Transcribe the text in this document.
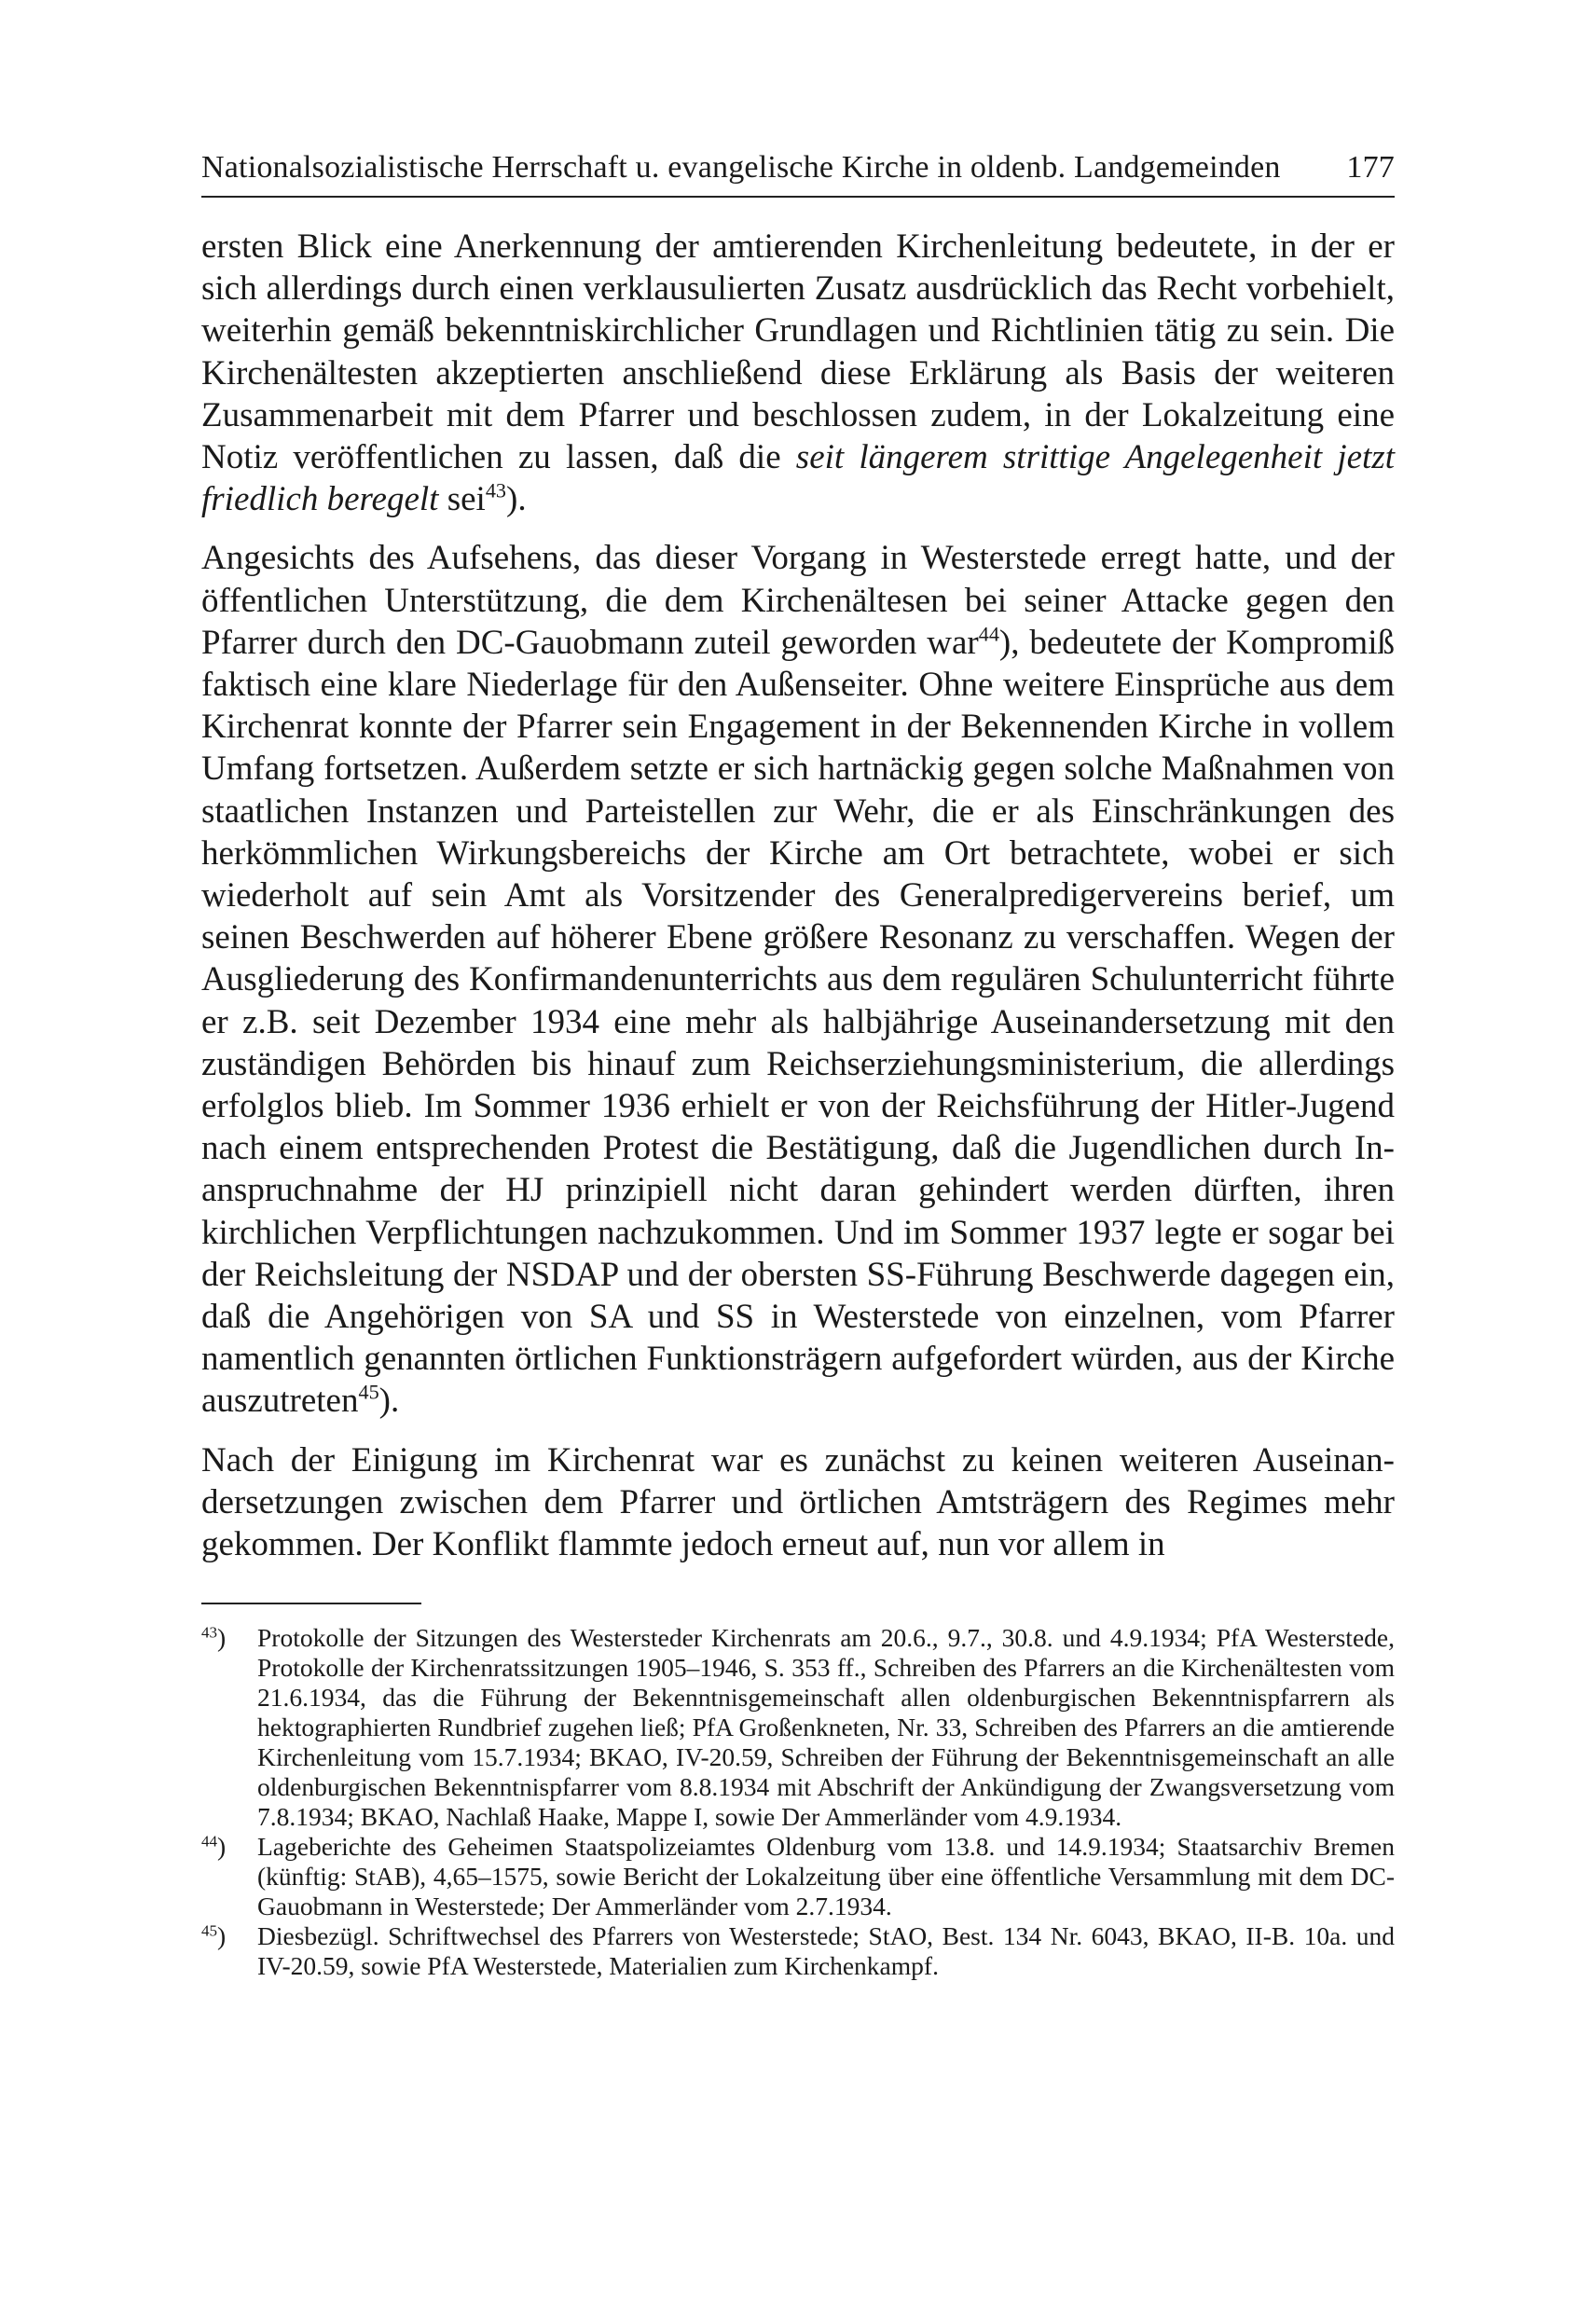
Nationalsozialistische Herrschaft u. evangelische Kirche in oldenb. Landgemeinden 177

ersten Blick eine Anerkennung der amtierenden Kirchenleitung bedeutete, in der er sich allerdings durch einen verklausulierten Zusatz ausdrücklich das Recht vorbehielt, weiterhin gemäß bekenntniskirchlicher Grundlagen und Richtlinien tätig zu sein. Die Kirchenältesten akzeptierten anschließend diese Erklärung als Basis der weiteren Zusammenarbeit mit dem Pfarrer und beschlossen zudem, in der Lokalzeitung eine Notiz veröffentlichen zu lassen, daß die seit längerem strittige Angelegenheit jetzt friedlich beregelt sei$^{43}$).

Angesichts des Aufsehens, das dieser Vorgang in Westerstede erregt hatte, und der öffentlichen Unterstützung, die dem Kirchenältesen bei seiner Attacke gegen den Pfarrer durch den DC-Gauobmann zuteil geworden war$^{44}$), bedeutete der Kompromiß faktisch eine klare Niederlage für den Außenseiter. Ohne weitere Einsprüche aus dem Kirchenrat konnte der Pfarrer sein Engagement in der Bekennenden Kirche in vollem Umfang fortsetzen. Außerdem setzte er sich hartnäckig gegen solche Maßnahmen von staatlichen Instanzen und Parteistellen zur Wehr, die er als Einschränkungen des herkömmlichen Wirkungsbereichs der Kirche am Ort betrachtete, wobei er sich wiederholt auf sein Amt als Vorsitzender des Generalpredigervereins berief, um seinen Beschwerden auf höherer Ebene größere Resonanz zu verschaffen. Wegen der Ausgliederung des Konfirmandenunterrichts aus dem regulären Schulunterricht führte er z.B. seit Dezember 1934 eine mehr als halbjährige Auseinandersetzung mit den zuständigen Behörden bis hinauf zum Reichserziehungsministerium, die allerdings erfolglos blieb. Im Sommer 1936 erhielt er von der Reichsführung der Hitler-Jugend nach einem entsprechenden Protest die Bestätigung, daß die Jugendlichen durch Inanspruchnahme der HJ prinzipiell nicht daran gehindert werden dürften, ihren kirchlichen Verpflichtungen nachzukommen. Und im Sommer 1937 legte er sogar bei der Reichsleitung der NSDAP und der obersten SS-Führung Beschwerde dagegen ein, daß die Angehörigen von SA und SS in Westerstede von einzelnen, vom Pfarrer namentlich genannten örtlichen Funktionsträgern aufgefordert würden, aus der Kirche auszutreten$^{45}$).

Nach der Einigung im Kirchenrat war es zunächst zu keinen weiteren Auseinandersetzungen zwischen dem Pfarrer und örtlichen Amtsträgern des Regimes mehr gekommen. Der Konflikt flammte jedoch erneut auf, nun vor allem in

$^{43}$)	Protokolle der Sitzungen des Westersteder Kirchenrats am 20.6., 9.7., 30.8. und 4.9.1934; PfA Westerstede, Protokolle der Kirchenratssitzungen 1905–1946, S. 353 ff., Schreiben des Pfarrers an die Kirchenältesten vom 21.6.1934, das die Führung der Bekenntnisgemeinschaft allen oldenburgischen Bekenntnispfarrern als hektographierten Rundbrief zugehen ließ; PfA Großenkneten, Nr. 33, Schreiben des Pfarrers an die amtierende Kirchenleitung vom 15.7.1934; BKAO, IV-20.59, Schreiben der Führung der Bekenntnisgemeinschaft an alle oldenburgischen Bekenntnispfarrer vom 8.8.1934 mit Abschrift der Ankündigung der Zwangsversetzung vom 7.8.1934; BKAO, Nachlaß Haake, Mappe I, sowie Der Ammerländer vom 4.9.1934.
$^{44}$)	Lageberichte des Geheimen Staatspolizeiamtes Oldenburg vom 13.8. und 14.9.1934; Staatsarchiv Bremen (künftig: StAB), 4,65–1575, sowie Bericht der Lokalzeitung über eine öffentliche Versammlung mit dem DC-Gauobmann in Westerstede; Der Ammerländer vom 2.7.1934.
$^{45}$)	Diesbezügl. Schriftwechsel des Pfarrers von Westerstede; StAO, Best. 134 Nr. 6043, BKAO, II-B. 10a. und IV-20.59, sowie PfA Westerstede, Materialien zum Kirchenkampf.
